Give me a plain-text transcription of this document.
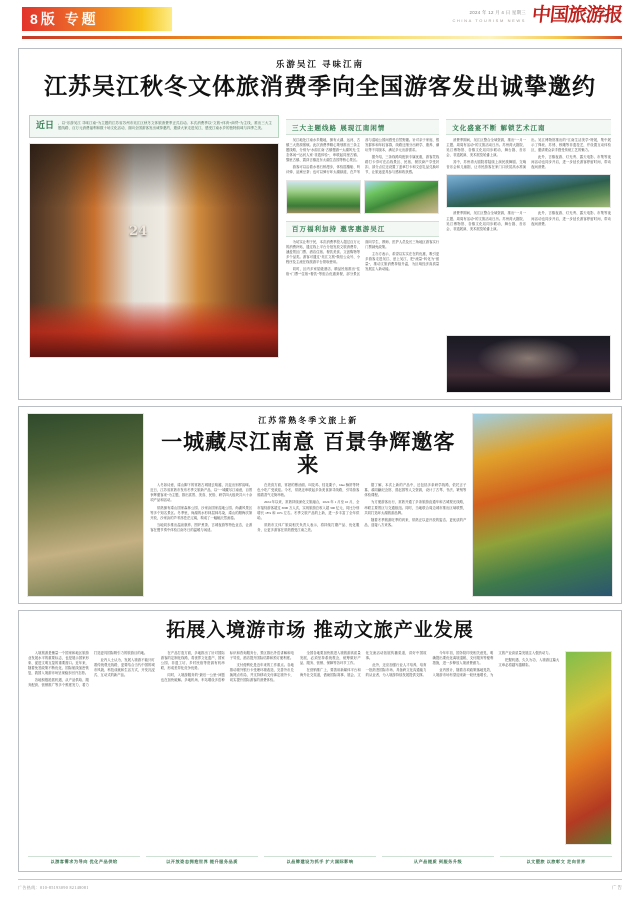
8版 专题	2024 年 12 月 4 日 星期三
CHINA TOURISM NEWS 中国旅游报
乐游吴江 寻味江南
江苏吴江秋冬文体旅消费季向全国游客发出诚挚邀约
近日	，以“乐游吴江 寻味江南”为主题的江苏省苏州市吴江区秋冬文体旅消费季正式启动。本次消费季以“文旅+体育+商贸”为主线，推出三大主题线路、百万元消费福利和数十场文化活动，面向全国游客发出诚挚邀约，邀请大家走进吴江，感受江南水乡的独特韵味与四季之美。
24
三大主题线路 展现江南闲情

吴江地处江南水乡腹地，拥有太湖、运河、古镇三大资源禀赋。此次消费季精心策划推出三条主题线路，分别为“水韵江南·古镇慢游”“太湖风光·生态休闲”“运河人家·非遗体验”，串联起同里古镇、黎里古镇、震泽古镇及东太湖生态园等核心景区。

游客可以沿着水巷石桥漫步，体验摇橹船、听评弹、品熏豆茶；也可以骑行环太湖绿道，在芦苇荡与湿地公园间感受自然野趣。针对亲子家庭、银发群体和年轻客群，线路还细分出研学、康养、潮玩等不同版本，满足多元出游需求。

据介绍，三条线路均配套专属优惠，游客凭线路打卡券可在沿线景区、民宿、餐饮商户享受折扣，部分点位还设置了盖章打卡和文创礼品兑换环节，让旅途更具参与感和收获感。

百万福利加持 邀客惠游吴江

为切实让利于民，本次消费季投入超过百万元的消费补贴，通过线上平台分批发放文旅消费券，涵盖景区门票、酒店住宿、餐饮美食、文创购物等多个品类。游客可通过“吴江文旅”微信公众号、小程序及主流在线旅游平台领取使用。

同时，区内多家星级酒店、精品民宿推出“住宿+门票”“住宿+餐饮”等组合优惠套餐，部分景区面向学生、教师、医护人员及长三角地区游客实行门票减免政策。

主办方表示，希望以实实在在的优惠，吸引更多游客走进吴江、爱上吴江，把“流量”转化为“留量”，推动文旅消费持续升温，为区域经济高质量发展注入新动能。

文化盛宴不断 解锁艺术江南

消费季期间，吴江区整合全域资源，推出“一月一主题、周周有活动”的文旅活动日历。苏州湾大剧院、吴江博物馆、各镇文化站同步联动，舞台剧、音乐会、非遗展演、美术展览轮番上演。

其中，苏州湾大剧院将陆续上演民族舞剧、交响音乐会和儿童剧，让市民游客在家门口欣赏高水准演出。吴江博物馆推出的“江南生活美学”特展，集中展示了缂丝、苏绣、核雕等非遗技艺，并设置互动体验区，邀请观众亲手感受传统工艺的魅力。

此外，古镇夜游、灯光秀、露天电影、市集等夜间活动也同步开启，进一步延长游客停留时间，带动夜间消费。

消费季期间，吴江区整合全域资源，推出“一月一主题、周周有活动”的文旅活动日历。苏州湾大剧院、吴江博物馆、各镇文化站同步联动，舞台剧、音乐会、非遗展演、美术展览轮番上演。

此外，古镇夜游、灯光秀、露天电影、市集等夜间活动也同步开启，进一步延长游客停留时间，带动夜间消费。

江苏常熟冬季文旅上新
一城藏尽江南意 百景争辉邀客来

入冬如诗意，虞山脚下的常熟古城褪去喧嚣，沉淀出别样韵味。近日，江苏省常熟市发布冬季文旅新产品，以“一城藏尽江南意，百景争辉邀客来”为主题，推出赏景、美食、民俗、研学四大板块共六十余项产品和活动。

常熟拥有虞山国家森林公园、沙家浜国家湿地公园、尚湖风景区等多个知名景区。冬季里，尚湖的水杉林层林尽染，虞山的腊梅次第开放，沙家浜的芦苇荡苍茫辽阔，构成了一幅幅天然画卷。

当地同步推出温泉康养、围炉煮茶、古城夜游等特色业态，让游客在慢节奏中体验江南冬日的温暖与闲适。

在美食方面，常熟的蕈油面、叫花鸡、桂花栗子、blue 酥饼等特色小吃广受欢迎。今冬，常熟还串联起多条美食探寻线路，引导游客循着香气走街串巷。

2024 年以来，常熟持续深化文旅融合，2024 年 1 月至 10 月，全市接待游客超过 3000 万人次，实现旅游总收入超 300 亿元，同比分别增长 18% 和 16% 左右。冬季文旅产品的上新，进一步丰富了全年供给。

常熟市文体广旅局相关负责人表示，将持续打磨产品、优化服务，让更多游客在常熟感受江南之美。

据了解，本次上新的产品中，还包括多条研学线路，依托言子墓、翁同龢纪念馆、曾赵园等人文资源，设计了古琴、书法、篆刻等体验课程。

为方便游客出行，常熟开通了多条旅游直通车和古城观光线路，串联主要景区与交通枢纽。同时，当地联合周边城市推出区域联票，共同打造环太湖旅游品牌。

随着冬季旅游旺季的到来，常熟正以更开放的姿态、更优质的产品，迎接八方来客。

拓展入境游市场 推动文旅产业发展

入境旅游是衡量一个国家和地区旅游业发展水平的重要标志，也是展示国家形象、促进文明互鉴的重要窗口。近年来，随着免签政策不断优化、国际航线加密恢复，我国入境游市场呈现稳步回升态势。

各地积极抢抓机遇，从产品供给、服务配套、营销推广等多个维度发力，着力打造更具国际吸引力的旅游目的地。

业内人士认为，发展入境游不能只盯着传统观光线路，更要结合当代中国的城市风貌、科技成就和生活方式，开发沉浸式、互动式的新产品。

在产品打造方面，多地推出了针对国际游客的定制化线路，将世界文化遗产、国家公园、非遗工坊、乡村民宿等资源有机串联，形成差异化竞争优势。

同时，入境游服务的“最后一公里”问题也在加快破解。多地机场、车站增设多语种标识和咨询服务台，景区推出外语讲解和电子导览，酒店提升国际结算和预订便利度。

支付便利化是近年来的工作重点。各地推动境外银行卡受理环境改造，完善外币兑换网点布局，并支持移动支付绑定境外卡，切实提升国际游客的消费体验。

全国各地要加快推进入境旅游高质量发展，必须坚持系统观念，统筹做好产品、服务、营销、保障等各环节工作。

在营销推广上，要善用新媒体平台和海外社交渠道，借助国际赛事、展会、文化交流活动拓展传播渠道，讲好中国故事。

此外，还应加强行业人才培养，培育一批熟悉国际市场、具备跨文化沟通能力的从业者，为入境游持续发展提供支撑。

今年年初，国务院印发相关意见，明确提出要优化离境退税、支付服务等便利措施，进一步释放入境消费潜力。

业内预计，随着各项政策落地见效，入境游市场有望迎来新一轮快速增长，为文旅产业高质量发展注入强劲动力。

把握机遇、久久为功，入境游这篇大文章必将越写越精彩。

以游客需求为导向 优化产品供给	以开放姿态拥抱世界 提升服务品质	以品牌建设为抓手 扩大国际影响	从产品提质 到服务升级	以文塑旅 以旅彰文 走向世界
广告热线：010-85193090 82148081	广 告
